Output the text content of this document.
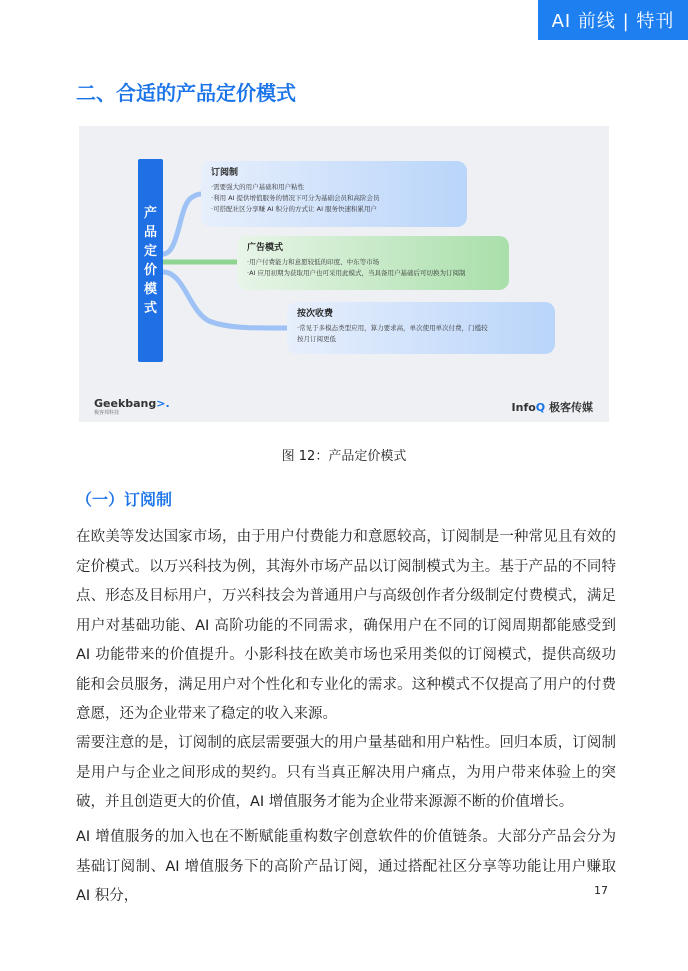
AI 前线 | 特刊
二、合适的产品定价模式
产
品
定
价
模
式
订阅制
·需要强大的用户基础和用户粘性
·利用 AI 提供增值服务的情况下可分为基础会员和高阶会员
·可搭配社区分享赚 AI 积分的方式让 AI 服务快速积累用户
广告模式
·用户付费能力和意愿较低的印度、中东等市场
·AI 应用初期为获取用户也可采用此模式，当具备用户基础后可切换为订阅制
按次收费
·常见于多模态类型应用，算力要求高，单次使用单次付费，门槛较
按月订阅更低
Geekbang>.
极客邦科技	InfoQ 极客传媒
图 12：产品定价模式
（一）订阅制

在欧美等发达国家市场，由于用户付费能力和意愿较高，订阅制是一种常见且有效的定价模式。以万兴科技为例，其海外市场产品以订阅制模式为主。基于产品的不同特点、形态及目标用户，万兴科技会为普通用户与高级创作者分级制定付费模式，满足用户对基础功能、AI 高阶功能的不同需求，确保用户在不同的订阅周期都能感受到 AI 功能带来的价值提升。小影科技在欧美市场也采用类似的订阅模式，提供高级功能和会员服务，满足用户对个性化和专业化的需求。这种模式不仅提高了用户的付费意愿，还为企业带来了稳定的收入来源。

需要注意的是，订阅制的底层需要强大的用户量基础和用户粘性。回归本质，订阅制是用户与企业之间形成的契约。只有当真正解决用户痛点，为用户带来体验上的突破，并且创造更大的价值，AI 增值服务才能为企业带来源源不断的价值增长。

AI 增值服务的加入也在不断赋能重构数字创意软件的价值链条。大部分产品会分为基础订阅制、AI 增值服务下的高阶产品订阅，通过搭配社区分享等功能让用户赚取 AI 积分，	17
